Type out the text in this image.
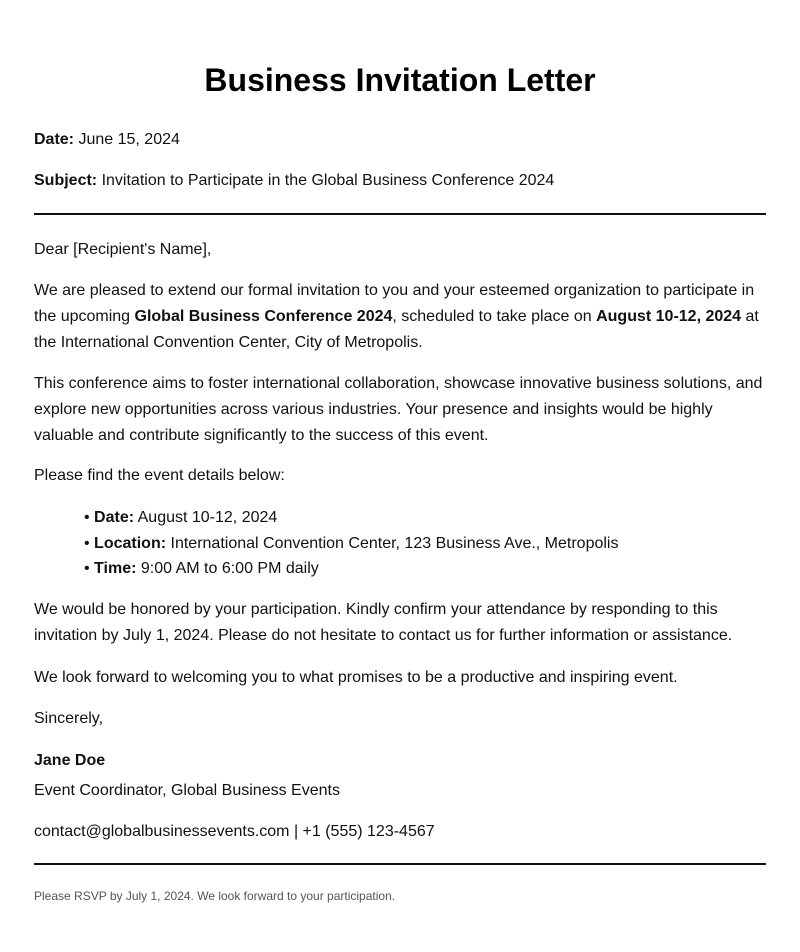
Business Invitation Letter
Date: June 15, 2024
Subject: Invitation to Participate in the Global Business Conference 2024
Dear [Recipient's Name],
We are pleased to extend our formal invitation to you and your esteemed organization to participate in the upcoming Global Business Conference 2024, scheduled to take place on August 10-12, 2024 at the International Convention Center, City of Metropolis.
This conference aims to foster international collaboration, showcase innovative business solutions, and explore new opportunities across various industries. Your presence and insights would be highly valuable and contribute significantly to the success of this event.
Please find the event details below:
• Date: August 10-12, 2024
• Location: International Convention Center, 123 Business Ave., Metropolis
• Time: 9:00 AM to 6:00 PM daily
We would be honored by your participation. Kindly confirm your attendance by responding to this invitation by July 1, 2024. Please do not hesitate to contact us for further information or assistance.
We look forward to welcoming you to what promises to be a productive and inspiring event.
Sincerely,
Jane Doe
Event Coordinator, Global Business Events
contact@globalbusinessevents.com | +1 (555) 123-4567
Please RSVP by July 1, 2024. We look forward to your participation.
